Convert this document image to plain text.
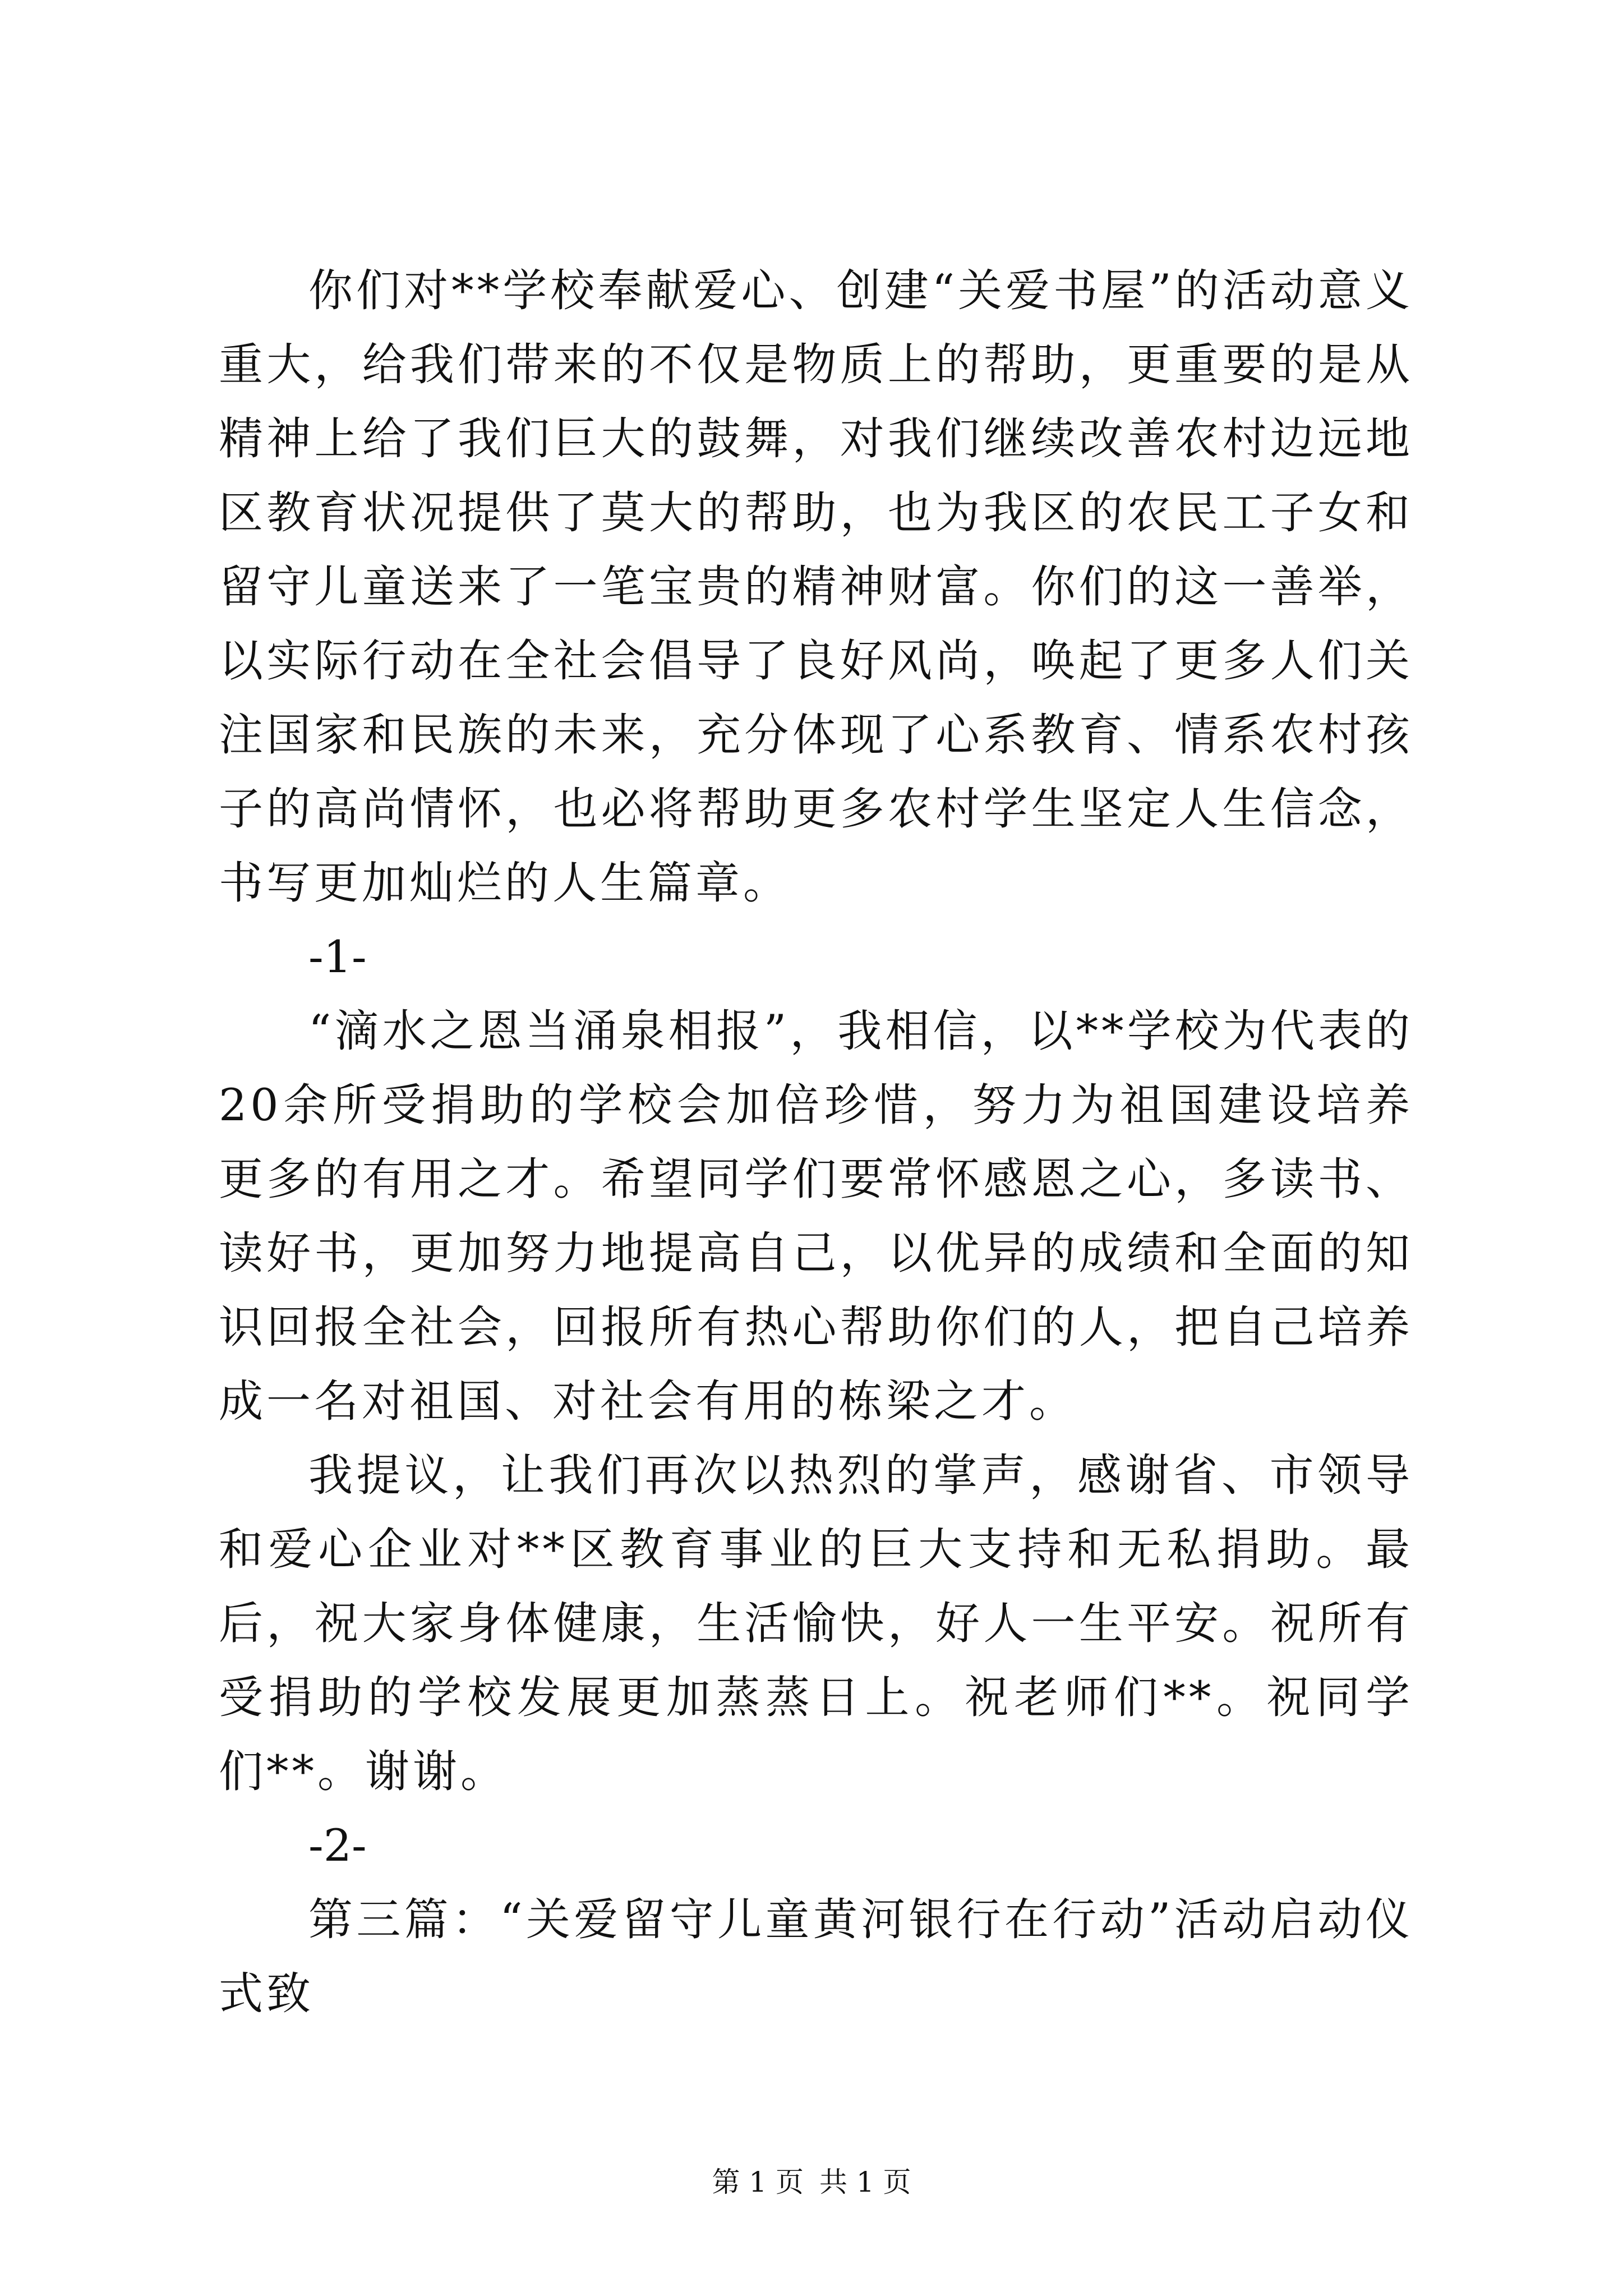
你们对**学校奉献爱心、创建“关爱书屋”的活动意义重大，给我们带来的不仅是物质上的帮助，更重要的是从精神上给了我们巨大的鼓舞，对我们继续改善农村边远地区教育状况提供了莫大的帮助，也为我区的农民工子女和留守儿童送来了一笔宝贵的精神财富。你们的这一善举，以实际行动在全社会倡导了良好风尚，唤起了更多人们关注国家和民族的未来，充分体现了心系教育、情系农村孩子的高尚情怀，也必将帮助更多农村学生坚定人生信念，书写更加灿烂的人生篇章。

-1-

“滴水之恩当涌泉相报”，我相信，以**学校为代表的20余所受捐助的学校会加倍珍惜，努力为祖国建设培养更多的有用之才。希望同学们要常怀感恩之心，多读书、读好书，更加努力地提高自己，以优异的成绩和全面的知识回报全社会，回报所有热心帮助你们的人，把自己培养成一名对祖国、对社会有用的栋梁之才。

我提议，让我们再次以热烈的掌声，感谢省、市领导和爱心企业对**区教育事业的巨大支持和无私捐助。最后，祝大家身体健康，生活愉快，好人一生平安。祝所有受捐助的学校发展更加蒸蒸日上。祝老师们**。祝同学们**。谢谢。

-2-

第三篇：“关爱留守儿童黄河银行在行动”活动启动仪式致

第 1 页 共 1 页
